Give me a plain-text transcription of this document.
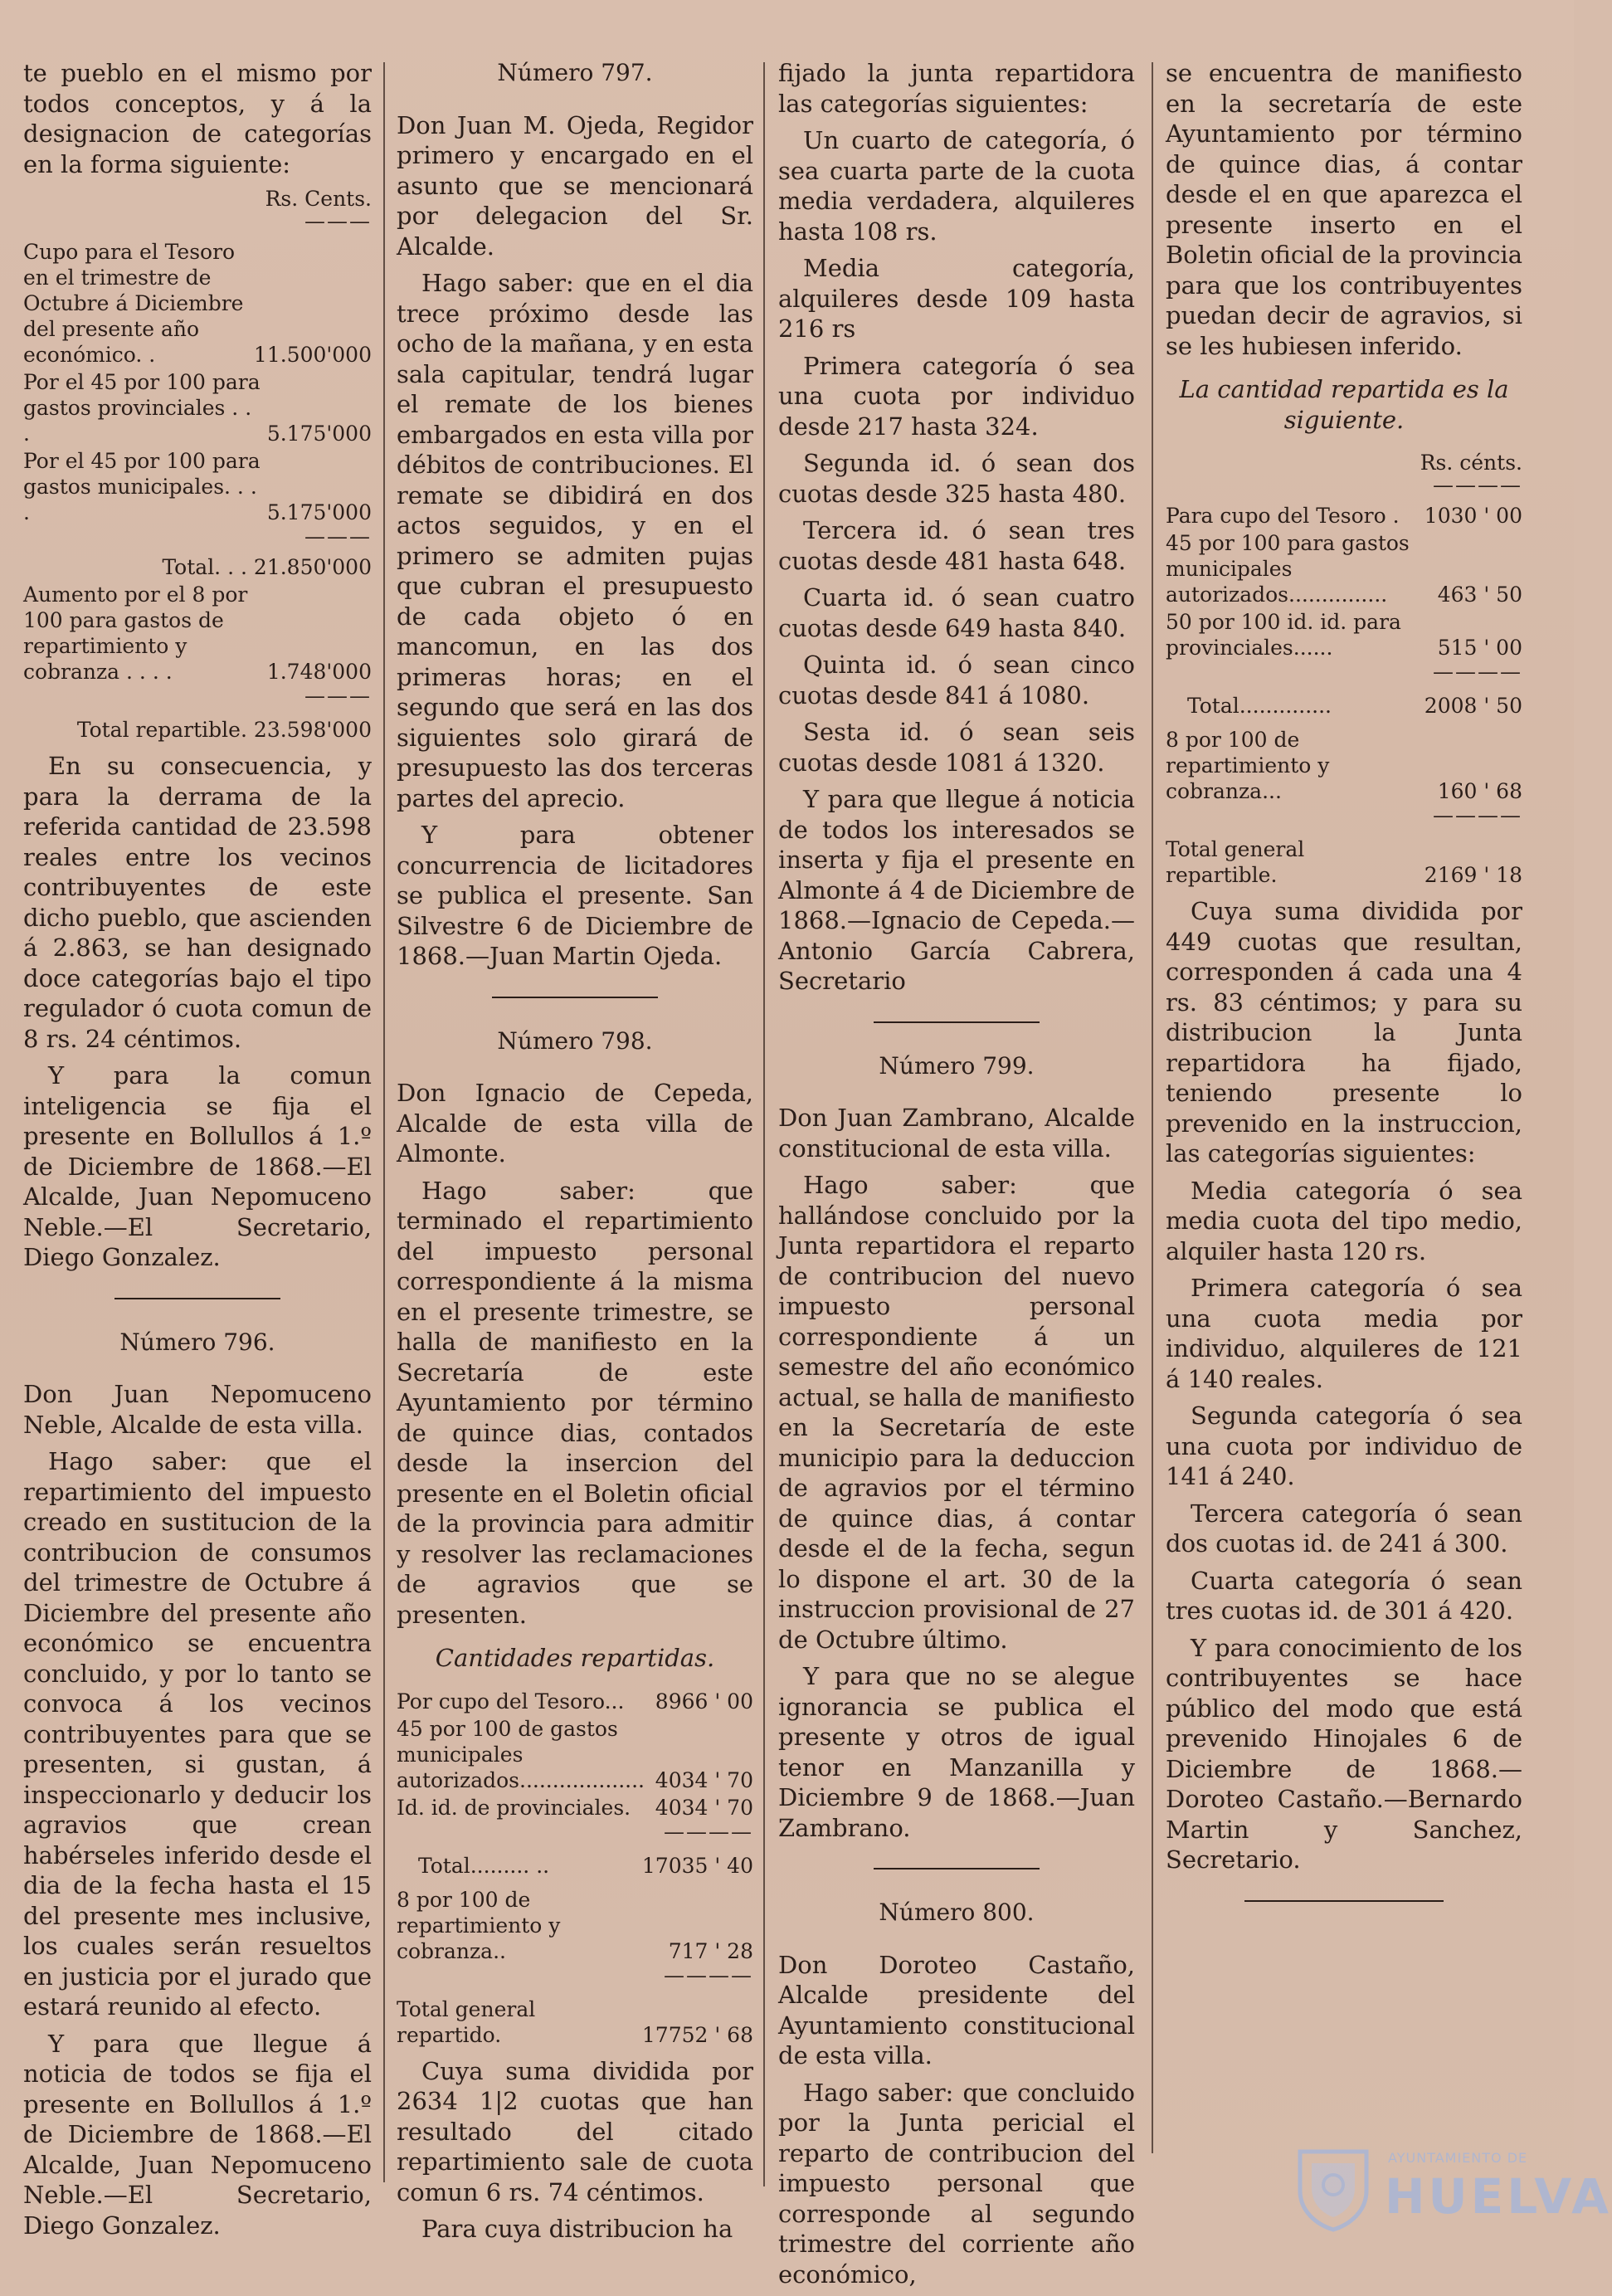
te pueblo en el mismo por todos conceptos, y á la designacion de categorías en la forma siguiente:

Rs. Cents.
———
Cupo para el Tesoro en el trimestre de Octubre á Diciembre del presente año económico. .	11.500'000
Por el 45 por 100 para gastos provinciales . . .	5.175'000
Por el 45 por 100 para gastos municipales. . . .	5.175'000
———
Total. . . 21.850'000
Aumento por el 8 por 100 para gastos de repartimiento y cobranza . . . .	1.748'000
———
Total repartible. 23.598'000

En su consecuencia, y para la derrama de la referida cantidad de 23.598 reales entre los vecinos contribuyentes de este dicho pueblo, que ascienden á 2.863, se han designado doce categorías bajo el tipo regulador ó cuota comun de 8 rs. 24 céntimos.

Y para la comun inteligencia se fija el presente en Bollullos á 1.º de Diciembre de 1868.—El Alcalde, Juan Nepomuceno Neble.—El Secretario, Diego Gonzalez.

Número 796.

Don Juan Nepomuceno Neble, Alcalde de esta villa.

Hago saber: que el repartimiento del impuesto creado en sustitucion de la contribucion de consumos del trimestre de Octubre á Diciembre del presente año económico se encuentra concluido, y por lo tanto se convoca á los vecinos contribuyentes para que se presenten, si gustan, á inspeccionarlo y deducir los agravios que crean habérseles inferido desde el dia de la fecha hasta el 15 del presente mes inclusive, los cuales serán resueltos en justicia por el jurado que estará reunido al efecto.

Y para que llegue á noticia de todos se fija el presente en Bollullos á 1.º de Diciembre de 1868.—El Alcalde, Juan Nepomuceno Neble.—El Secretario, Diego Gonzalez.

Número 797.

Don Juan M. Ojeda, Regidor primero y encargado en el asunto que se mencionará por delegacion del Sr. Alcalde.

Hago saber: que en el dia trece próximo desde las ocho de la mañana, y en esta sala capitular, tendrá lugar el remate de los bienes embargados en esta villa por débitos de contribuciones. El remate se dibidirá en dos actos seguidos, y en el primero se admiten pujas que cubran el presupuesto de cada objeto ó en mancomun, en las dos primeras horas; en el segundo que será en las dos siguientes solo girará de presupuesto las dos terceras partes del aprecio.

Y para obtener concurrencia de licitadores se publica el presente. San Silvestre 6 de Diciembre de 1868.—Juan Martin Ojeda.

Número 798.

Don Ignacio de Cepeda, Alcalde de esta villa de Almonte.

Hago saber: que terminado el repartimiento del impuesto personal correspondiente á la misma en el presente trimestre, se halla de manifiesto en la Secretaría de este Ayuntamiento por término de quince dias, contados desde la insercion del presente en el Boletin oficial de la provincia para admitir y resolver las reclamaciones de agravios que se presenten.

Cantidades repartidas.
Por cupo del Tesoro...	8966 ' 00
45 por 100 de gastos municipales autorizados................... 4034 ' 70
Id. id. de provinciales.	4034 ' 70
————
Total......... ..	17035 ' 40
8 por 100 de repartimiento y cobranza..	717 ' 28
————
Total general repartido.	17752 ' 68

Cuya suma dividida por 2634 1|2 cuotas que han resultado del citado repartimiento sale de cuota comun 6 rs. 74 céntimos.

Para cuya distribucion ha

fijado la junta repartidora las categorías siguientes:

Un cuarto de categoría, ó sea cuarta parte de la cuota media verdadera, alquileres hasta 108 rs.

Media categoría, alquileres desde 109 hasta 216 rs

Primera categoría ó sea una cuota por individuo desde 217 hasta 324.

Segunda id. ó sean dos cuotas desde 325 hasta 480.

Tercera id. ó sean tres cuotas desde 481 hasta 648.

Cuarta id. ó sean cuatro cuotas desde 649 hasta 840.

Quinta id. ó sean cinco cuotas desde 841 á 1080.

Sesta id. ó sean seis cuotas desde 1081 á 1320.

Y para que llegue á noticia de todos los interesados se inserta y fija el presente en Almonte á 4 de Diciembre de 1868.—Ignacio de Cepeda.—Antonio García Cabrera, Secretario

Número 799.

Don Juan Zambrano, Alcalde constitucional de esta villa.

Hago saber: que hallándose concluido por la Junta repartidora el reparto de contribucion del nuevo impuesto personal correspondiente á un semestre del año económico actual, se halla de manifiesto en la Secretaría de este municipio para la deduccion de agravios por el término de quince dias, á contar desde el de la fecha, segun lo dispone el art. 30 de la instruccion provisional de 27 de Octubre último.

Y para que no se alegue ignorancia se publica el presente y otros de igual tenor en Manzanilla y Diciembre 9 de 1868.—Juan Zambrano.

Número 800.

Don Doroteo Castaño, Alcalde presidente del Ayuntamiento constitucional de esta villa.

Hago saber: que concluido por la Junta pericial el reparto de contribucion del impuesto personal que corresponde al segundo trimestre del corriente año económico,

se encuentra de manifiesto en la secretaría de este Ayuntamiento por término de quince dias, á contar desde el en que aparezca el presente inserto en el Boletin oficial de la provincia para que los contribuyentes puedan decir de agravios, si se les hubiesen inferido.

La cantidad repartida es la siguiente.
Rs. cénts.
————
Para cupo del Tesoro .	1030 ' 00
45 por 100 para gastos municipales autorizados...............	463 ' 50
50 por 100 id. id. para provinciales......	515 ' 00
————
Total..............	2008 ' 50
8 por 100 de repartimiento y cobranza...	160 ' 68
————
Total general repartible.	2169 ' 18

Cuya suma dividida por 449 cuotas que resultan, corresponden á cada una 4 rs. 83 céntimos; y para su distribucion la Junta repartidora ha fijado, teniendo presente lo prevenido en la instruccion, las categorías siguientes:

Media categoría ó sea media cuota del tipo medio, alquiler hasta 120 rs.

Primera categoría ó sea una cuota media por individuo, alquileres de 121 á 140 reales.

Segunda categoría ó sea una cuota por individuo de 141 á 240.

Tercera categoría ó sean dos cuotas id. de 241 á 300.

Cuarta categoría ó sean tres cuotas id. de 301 á 420.

Y para conocimiento de los contribuyentes se hace público del modo que está prevenido Hinojales 6 de Diciembre de 1868.—Doroteo Castaño.—Bernardo Martin y Sanchez, Secretario.

AYUNTAMIENTO DE
HUELVA
